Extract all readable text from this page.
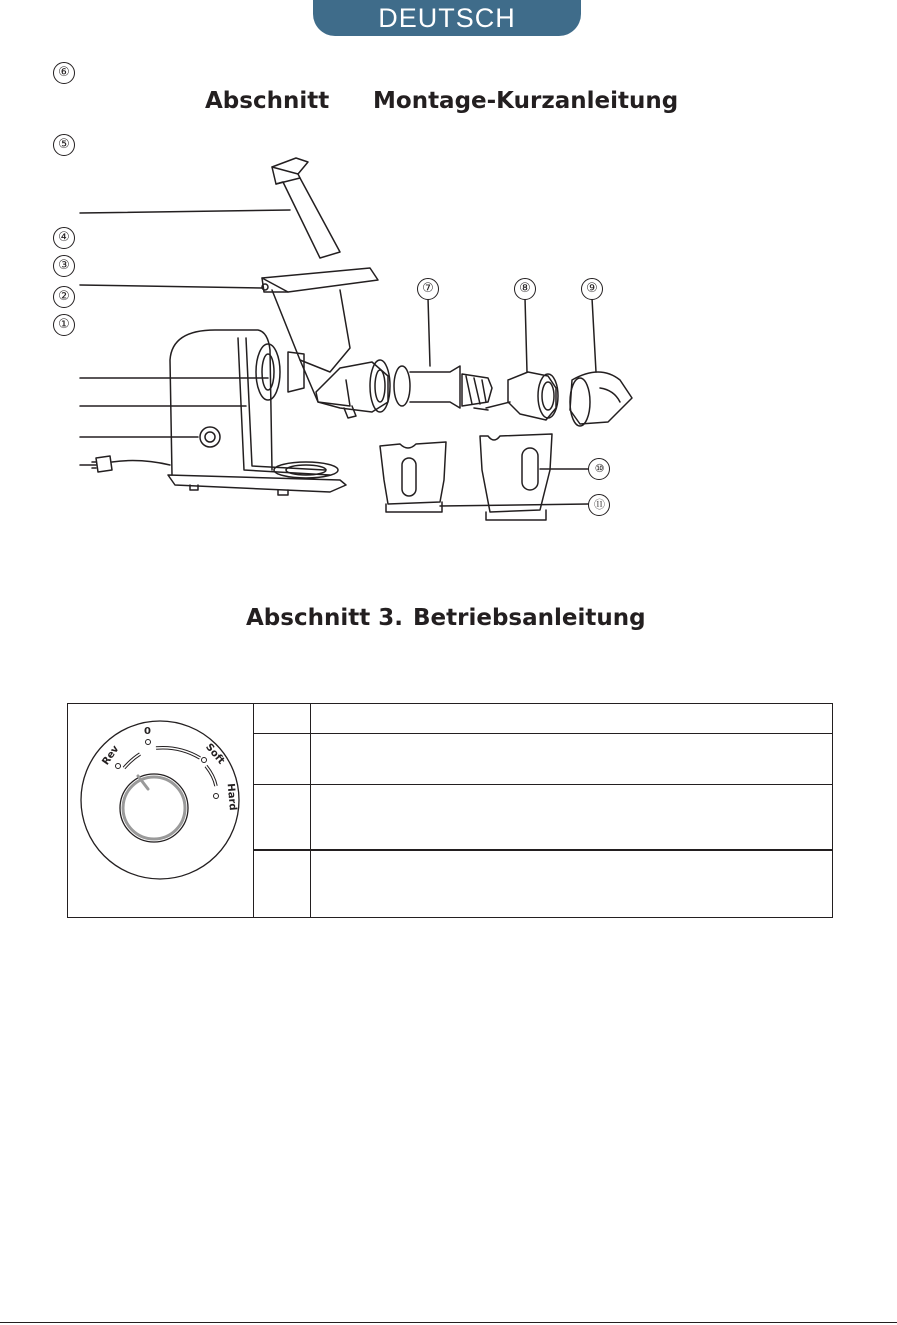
DEUTSCH
Abschnitt Montage-Kurzanleitung
⑥
⑤
④
③
②
①
⑦	⑧	⑨
⑩
⑪
Abschnitt 3. Betriebsanleitung
Rev
0
Soft
Hard
